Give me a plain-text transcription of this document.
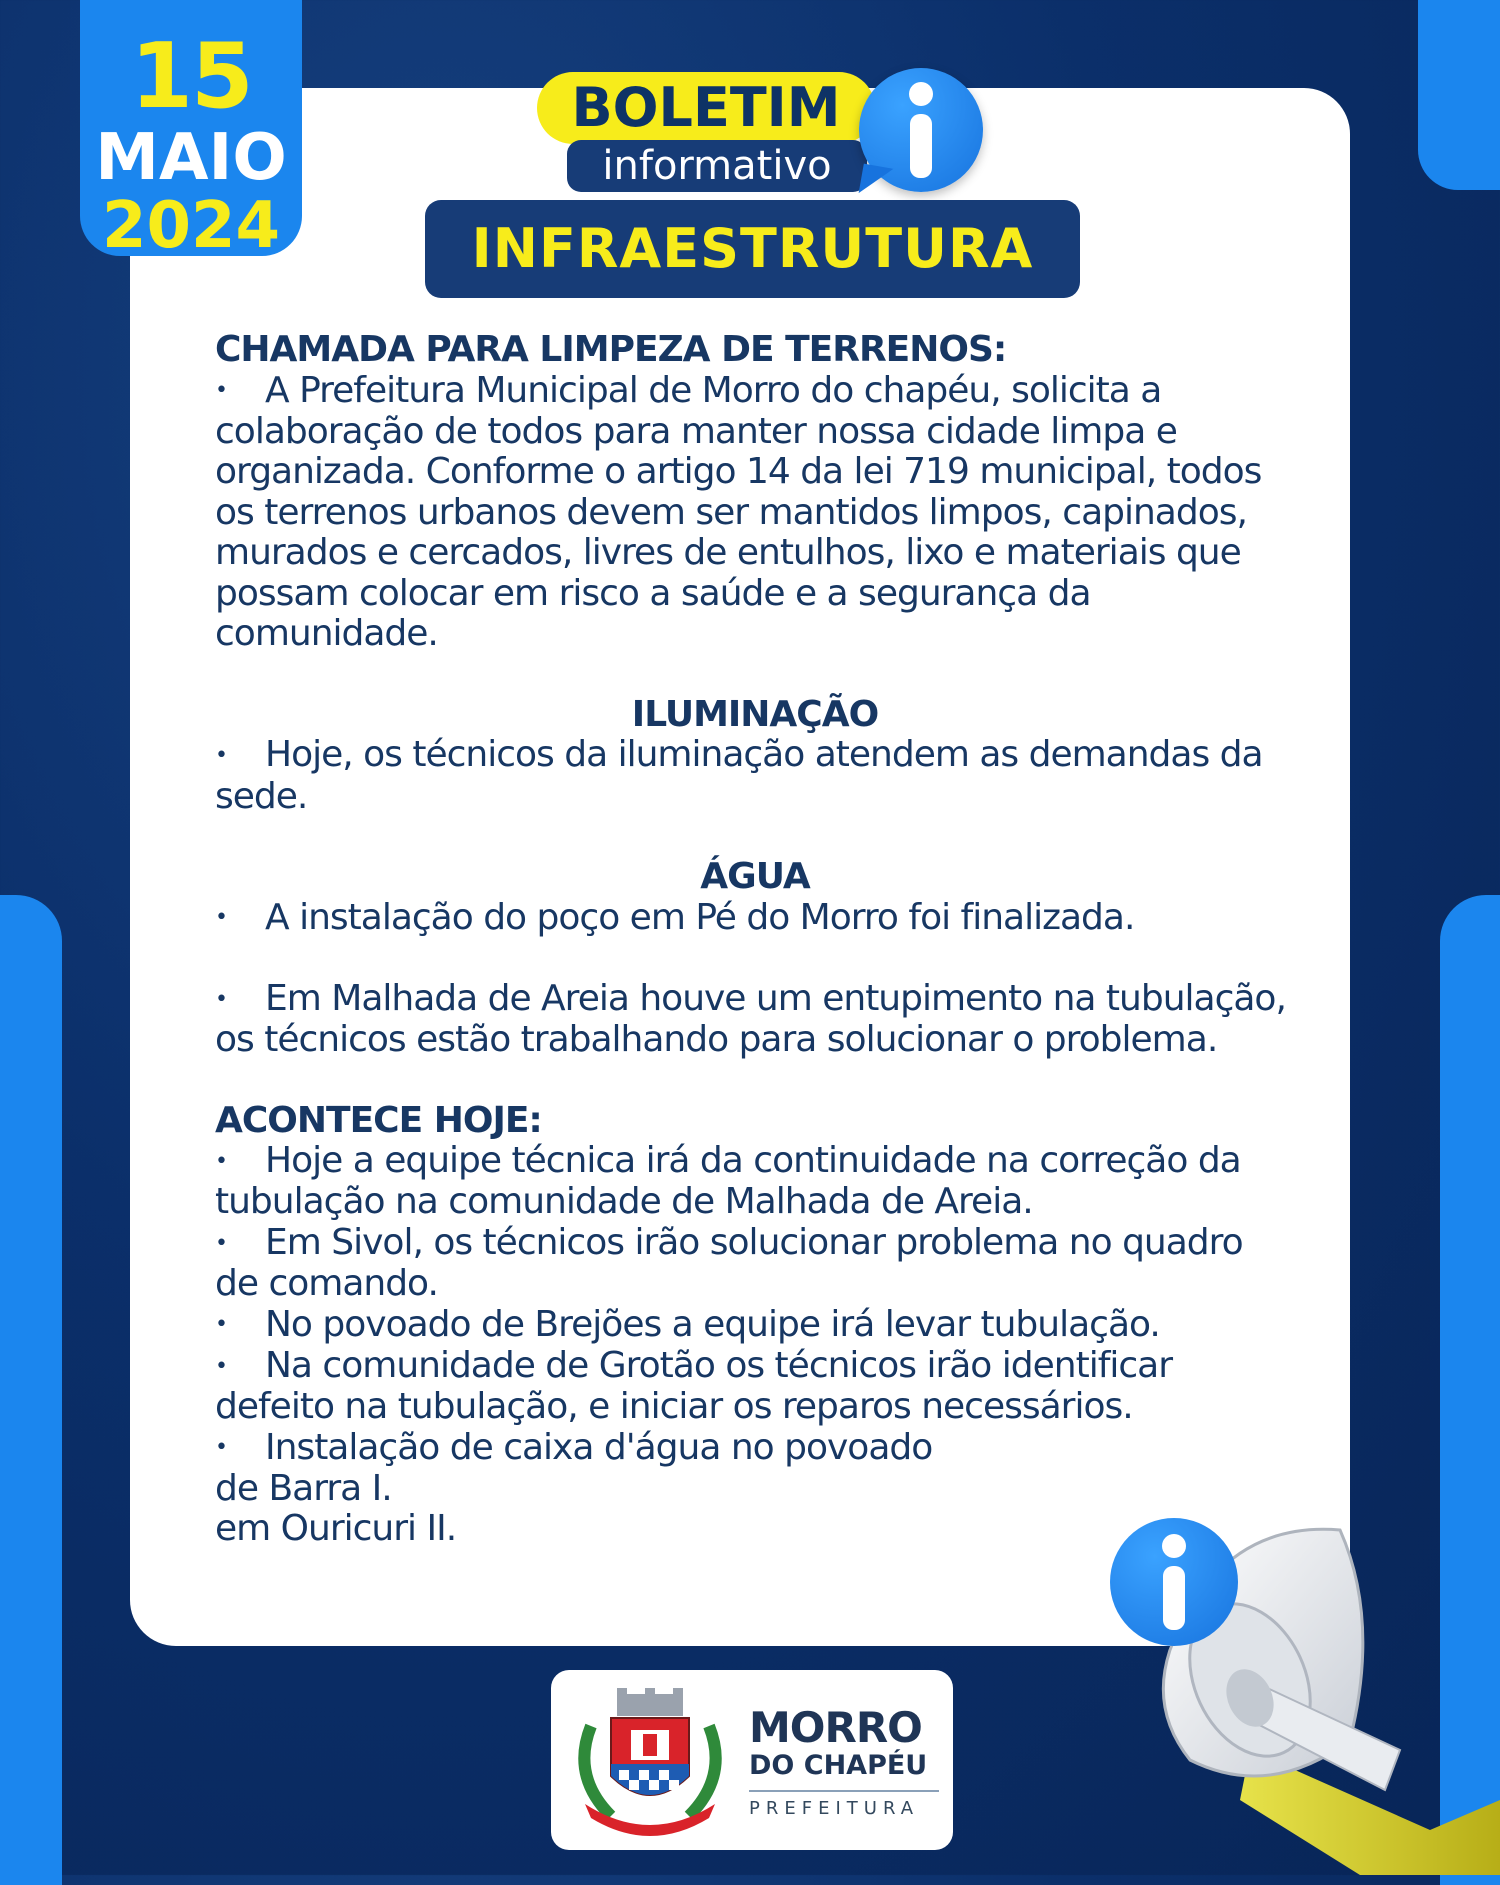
15
MAIO
2024
BOLETIM
informativo
INFRAESTRUTURA
CHAMADA PARA LIMPEZA DE TERRENOS:
• A Prefeitura Municipal de Morro do chapéu, solicita a colaboração de todos para manter nossa cidade limpa e organizada. Conforme o artigo 14 da lei 719 municipal, todos os terrenos urbanos devem ser mantidos limpos, capinados, murados e cercados, livres de entulhos, lixo e materiais que possam colocar em risco a saúde e a segurança da comunidade.
ILUMINAÇÃO
• Hoje, os técnicos da iluminação atendem as demandas da sede.
ÁGUA
• A instalação do poço em Pé do Morro foi finalizada.
• Em Malhada de Areia houve um entupimento na tubulação, os técnicos estão trabalhando para solucionar o problema.
ACONTECE HOJE:
• Hoje a equipe técnica irá da continuidade na correção da
tubulação na comunidade de Malhada de Areia.
• Em Sivol, os técnicos irão solucionar problema no quadro de comando.
• No povoado de Brejões a equipe irá levar tubulação.
• Na comunidade de Grotão os técnicos irão identificar defeito na tubulação, e iniciar os reparos necessários.
• Instalação de caixa d'água no povoado
de Barra I.
em Ouricuri II.
MORRO
DO CHAPÉU
PREFEITURA
